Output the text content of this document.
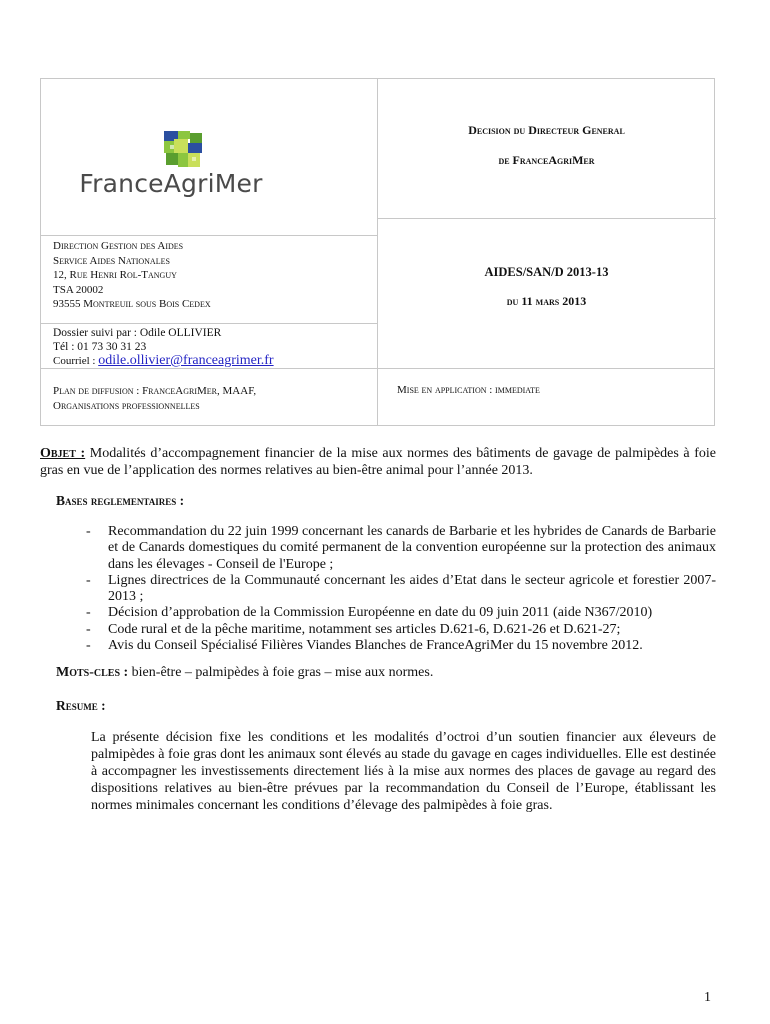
FranceAgriMer
Direction Gestion des Aides
Service Aides Nationales
12, Rue Henri Rol-Tanguy
TSA 20002
93555 Montreuil sous Bois Cedex
Dossier suivi par : Odile OLLIVIER
Tél : 01 73 30 31 23
Courriel : odile.ollivier@franceagrimer.fr
Plan de diffusion : FranceAgriMer, MAAF,
Organisations professionnelles
Decision du Directeur General
de FranceAgriMer
AIDES/SAN/D 2013-13
du 11 mars 2013
Mise en application : immediate
Objet : Modalités d’accompagnement financier de la mise aux normes des bâtiments de gavage de palmipèdes à foie gras en vue de l’application des normes relatives au bien-être animal pour l’année 2013.
Bases reglementaires :
- Recommandation du 22 juin 1999 concernant les canards de Barbarie et les hybrides de Canards de Barbarie et de Canards domestiques du comité permanent de la convention européenne sur la protection des animaux dans les élevages - Conseil de l'Europe ;
- Lignes directrices de la Communauté concernant les aides d’Etat dans le secteur agricole et forestier 2007-2013 ;
- Décision d’approbation de la Commission Européenne en date du 09 juin 2011 (aide N367/2010)
- Code rural et de la pêche maritime, notamment ses articles D.621-6, D.621-26 et D.621-27;
- Avis du Conseil Spécialisé Filières Viandes Blanches de FranceAgriMer du 15 novembre 2012.
Mots-cles : bien-être – palmipèdes à foie gras – mise aux normes.
Resume :
La présente décision fixe les conditions et les modalités d’octroi d’un soutien financier aux éleveurs de palmipèdes à foie gras dont les animaux sont élevés au stade du gavage en cages individuelles. Elle est destinée à accompagner les investissements directement liés à la mise aux normes des places de gavage au regard des dispositions relatives au bien-être prévues par la recommandation du Conseil de l’Europe, établissant les normes minimales concernant les conditions d’élevage des palmipèdes à foie gras.
1
